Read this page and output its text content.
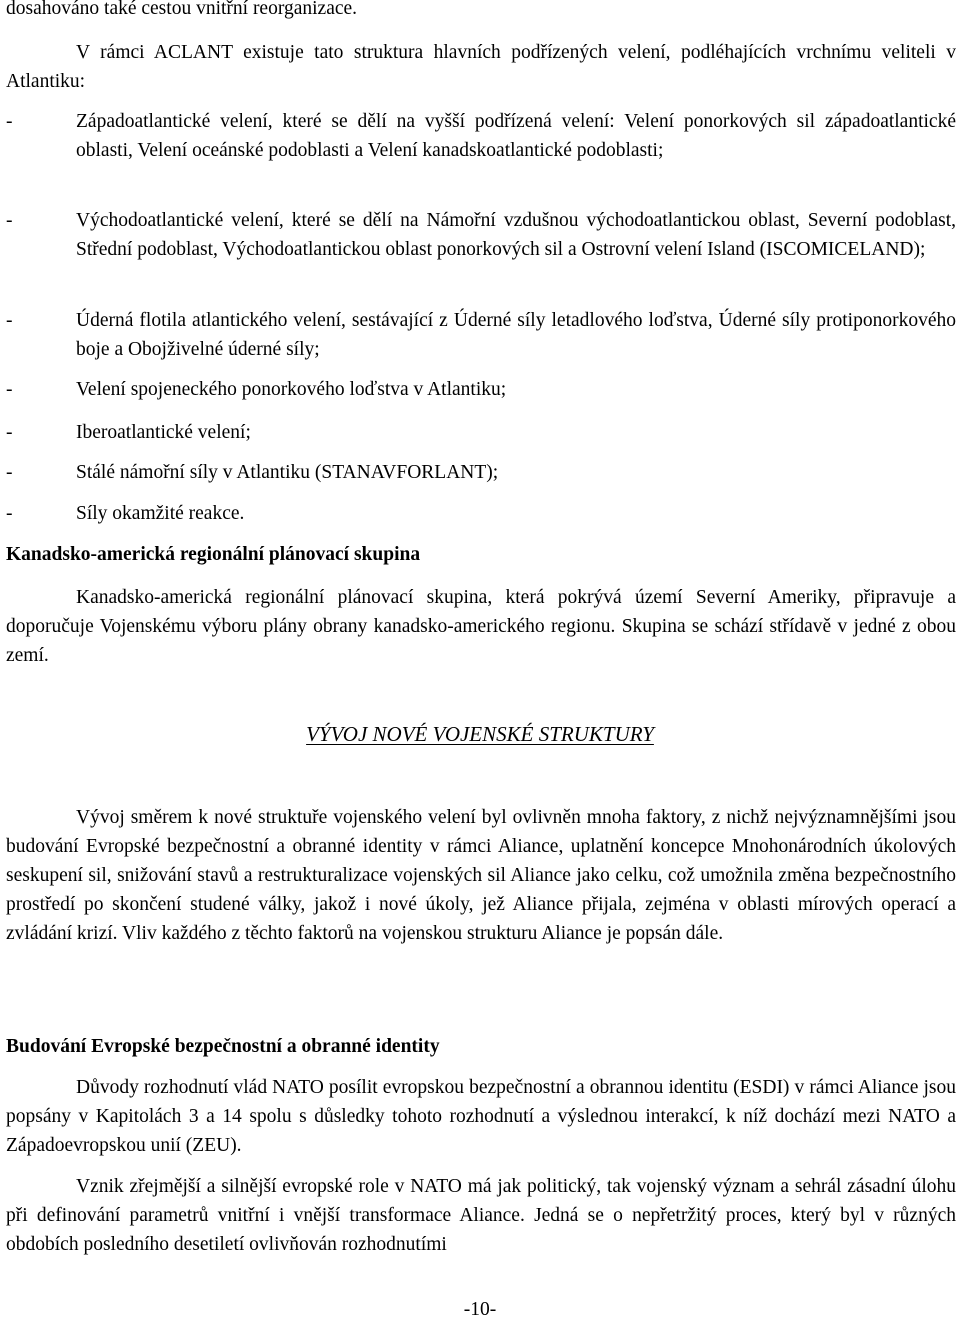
dosahováno také cestou vnitřní reorganizace.

V rámci ACLANT existuje tato struktura hlavních podřízených velení, podléhajících vrchnímu veliteli v Atlantiku:

-	Západoatlantické velení, které se dělí na vyšší podřízená velení: Velení ponorkových sil západoatlantické oblasti, Velení oceánské podoblasti a Velení kanadskoatlantické podoblasti;
-	Východoatlantické velení, které se dělí na Námořní vzdušnou východoatlantickou oblast, Severní podoblast, Střední podoblast, Východoatlantickou oblast ponorkových sil a Ostrovní velení Island (ISCOMICELAND);
-	Úderná flotila atlantického velení, sestávající z Úderné síly letadlového loďstva, Úderné síly protiponorkového boje a Obojživelné úderné síly;
-	Velení spojeneckého ponorkového loďstva v Atlantiku;
-	Iberoatlantické velení;
-	Stálé námořní síly v Atlantiku (STANAVFORLANT);
-	Síly okamžité reakce.
Kanadsko-americká regionální plánovací skupina

Kanadsko-americká regionální plánovací skupina, která pokrývá území Severní Ameriky, připravuje a doporučuje Vojenskému výboru plány obrany kanadsko-amerického regionu. Skupina se schází střídavě v jedné z obou zemí.

VÝVOJ NOVÉ VOJENSKÉ STRUKTURY

Vývoj směrem k nové struktuře vojenského velení byl ovlivněn mnoha faktory, z nichž nejvýznamnějšími jsou budování Evropské bezpečnostní a obranné identity v rámci Aliance, uplatnění koncepce Mnohonárodních úkolových seskupení sil, snižování stavů a restrukturalizace vojenských sil Aliance jako celku, což umožnila změna bezpečnostního prostředí po skončení studené války, jakož i nové úkoly, jež Aliance přijala, zejména v oblasti mírových operací a zvládání krizí. Vliv každého z těchto faktorů na vojenskou strukturu Aliance je popsán dále.

Budování Evropské bezpečnostní a obranné identity

Důvody rozhodnutí vlád NATO posílit evropskou bezpečnostní a obrannou identitu (ESDI) v rámci Aliance jsou popsány v Kapitolách 3 a 14 spolu s důsledky tohoto rozhodnutí a výslednou interakcí, k níž dochází mezi NATO a Západoevropskou unií (ZEU).

Vznik zřejmější a silnější evropské role v NATO má jak politický, tak vojenský význam a sehrál zásadní úlohu při definování parametrů vnitřní i vnější transformace Aliance. Jedná se o nepřetržitý proces, který byl v různých obdobích posledního desetiletí ovlivňován rozhodnutími

-10-
